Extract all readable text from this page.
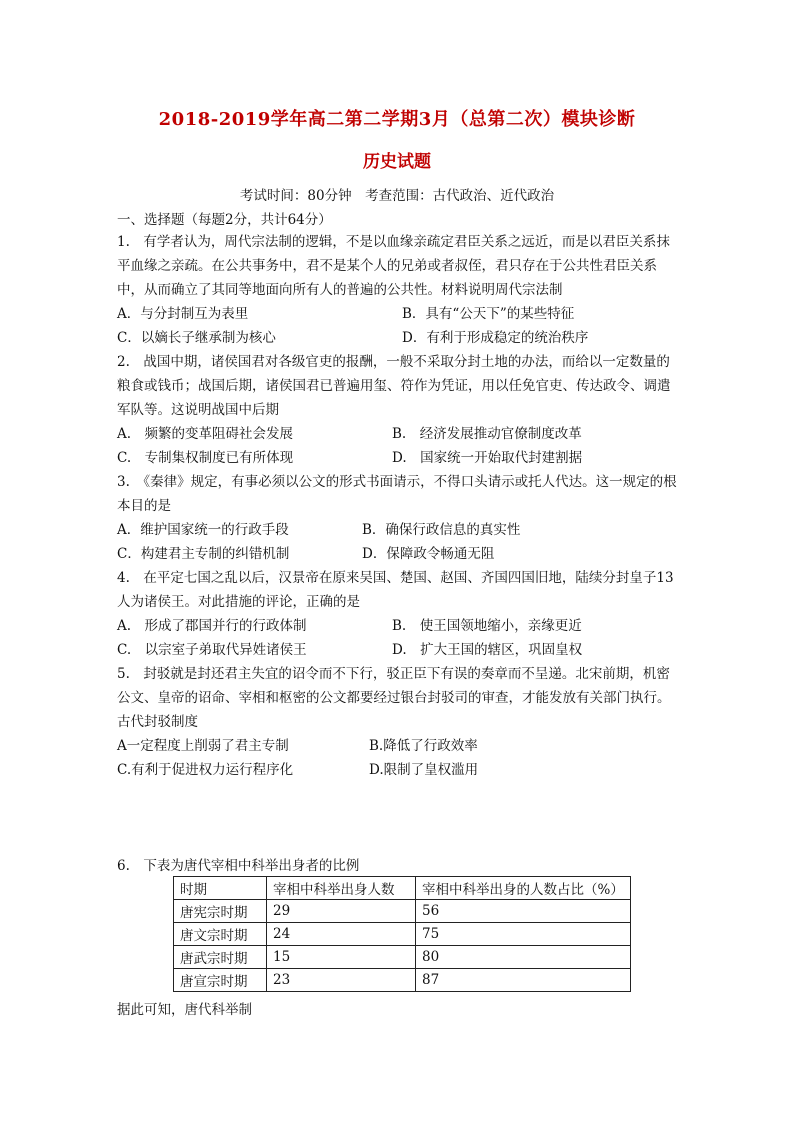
2018-2019学年高二第二学期3月（总第二次）模块诊断
历史试题
考试时间：80分钟　考查范围：古代政治、近代政治
一、选择题（每题2分，共计64分）

1.　有学者认为，周代宗法制的逻辑，不是以血缘亲疏定君臣关系之远近，而是以君臣关系抹平血缘之亲疏。在公共事务中，君不是某个人的兄弟或者叔侄，君只存在于公共性君臣关系中，从而确立了其同等地面向所有人的普遍的公共性。材料说明周代宗法制

A．与分封制互为表里	B．具有“公天下”的某些特征
C．以嫡长子继承制为核心	D．有利于形成稳定的统治秩序

2.　战国中期，诸侯国君对各级官吏的报酬，一般不采取分封土地的办法，而给以一定数量的粮食或钱币；战国后期，诸侯国君已普遍用玺、符作为凭证，用以任免官吏、传达政令、调遣军队等。这说明战国中后期

A.　频繁的变革阻碍社会发展	B.　经济发展推动官僚制度改革
C.　专制集权制度已有所体现	D.　国家统一开始取代封建割据

3.　《秦律》规定，有事必须以公文的形式书面请示，不得口头请示或托人代达。这一规定的根本目的是

A．维护国家统一的行政手段	B．确保行政信息的真实性
C．构建君主专制的纠错机制	D．保障政令畅通无阻

4.　在平定七国之乱以后，汉景帝在原来吴国、楚国、赵国、齐国四国旧地，陆续分封皇子13人为诸侯王。对此措施的评论，正确的是

A.　形成了郡国并行的行政体制	B.　使王国领地缩小，亲缘更近
C.　以宗室子弟取代异姓诸侯王	D.　扩大王国的辖区，巩固皇权

5.　封驳就是封还君主失宜的诏令而不下行，驳正臣下有误的奏章而不呈递。北宋前期，机密公文、皇帝的诏命、宰相和枢密的公文都要经过银台封驳司的审查，才能发放有关部门执行。古代封驳制度

A一定程度上削弱了君主专制	B.降低了行政效率
C.有利于促进权力运行程序化	D.限制了皇权滥用

6.　下表为唐代宰相中科举出身者的比例

时期	宰相中科举出身人数	宰相中科举出身的人数占比（%）
唐宪宗时期	29	56
唐文宗时期	24	75
唐武宗时期	15	80
唐宣宗时期	23	87

据此可知，唐代科举制
